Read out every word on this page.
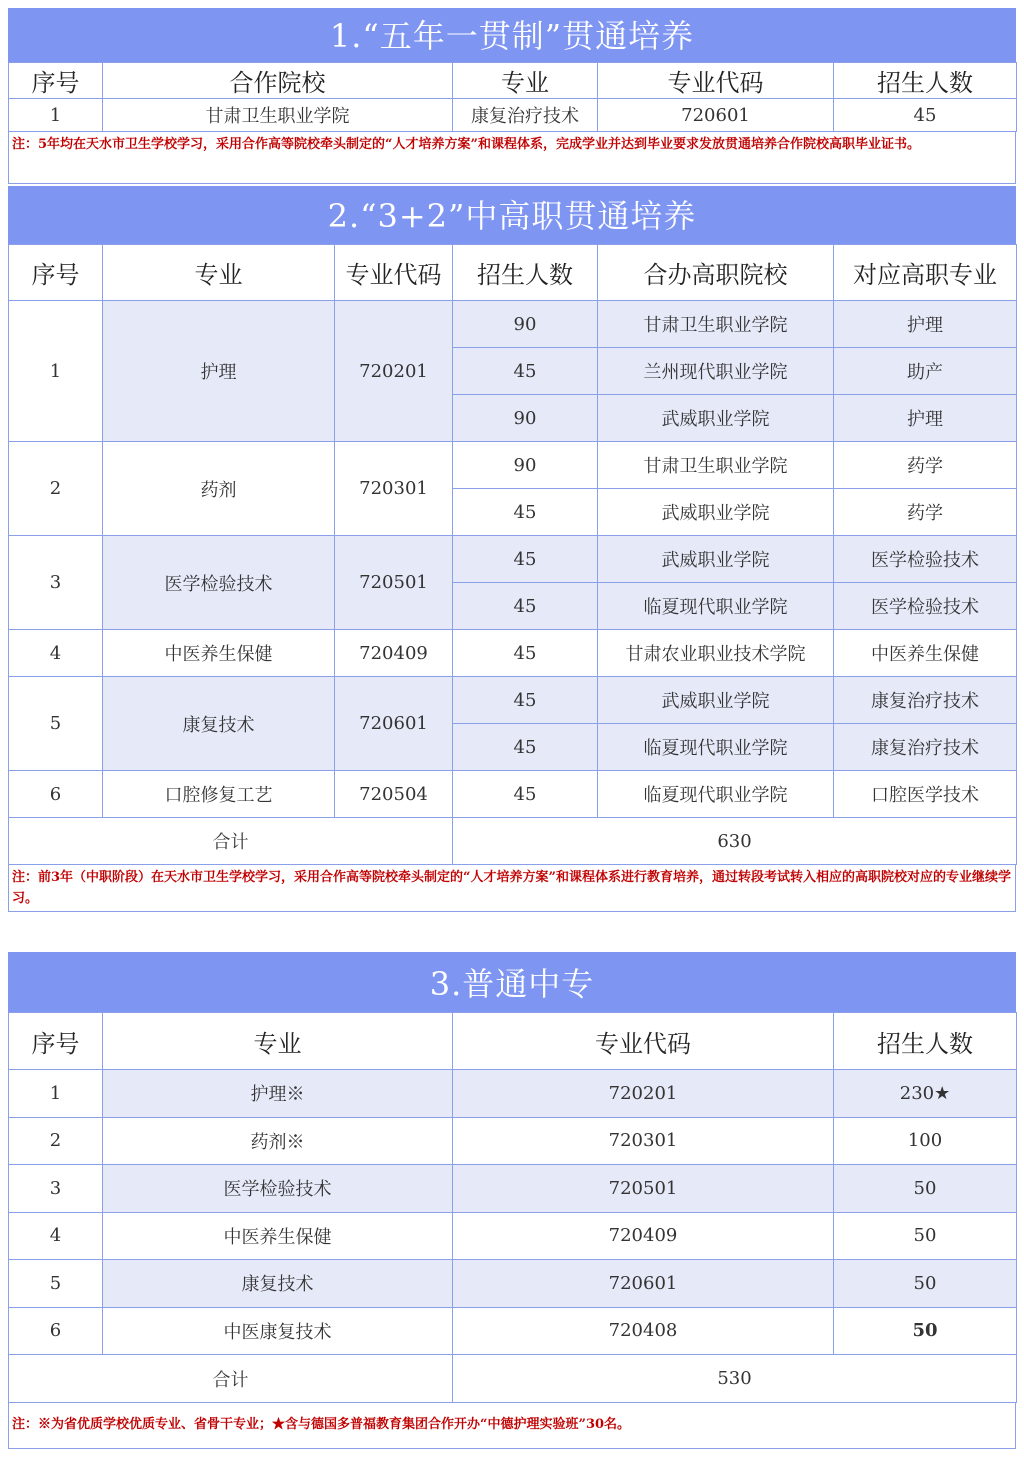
1.“五年一贯制”贯通培养
序号	合作院校	专业	专业代码	招生人数
1	甘肃卫生职业学院	康复治疗技术	720601	45
注：5年均在天水市卫生学校学习，采用合作高等院校牵头制定的“人才培养方案”和课程体系，完成学业并达到毕业要求发放贯通培养合作院校高职毕业证书。
2.“3+2”中高职贯通培养
序号	专业	专业代码	招生人数	合办高职院校	对应高职专业
1	护理	720201	90	甘肃卫生职业学院	护理
			45	兰州现代职业学院	助产
			90	武威职业学院	护理
2	药剂	720301	90	甘肃卫生职业学院	药学
			45	武威职业学院	药学
3	医学检验技术	720501	45	武威职业学院	医学检验技术
			45	临夏现代职业学院	医学检验技术
4	中医养生保健	720409	45	甘肃农业职业技术学院	中医养生保健
5	康复技术	720601	45	武威职业学院	康复治疗技术
			45	临夏现代职业学院	康复治疗技术
6	口腔修复工艺	720504	45	临夏现代职业学院	口腔医学技术
合计			630		
注：前3年（中职阶段）在天水市卫生学校学习，采用合作高等院校牵头制定的“人才培养方案”和课程体系进行教育培养，通过转段考试转入相应的高职院校对应的专业继续学习。
3.普通中专
序号	专业	专业代码	招生人数
1	护理※	720201	230★
2	药剂※	720301	100
3	医学检验技术	720501	50
4	中医养生保健	720409	50
5	康复技术	720601	50
6	中医康复技术	720408	50
合计		530	
注：※为省优质学校优质专业、省骨干专业；★含与德国多普福教育集团合作开办“中德护理实验班”30名。
